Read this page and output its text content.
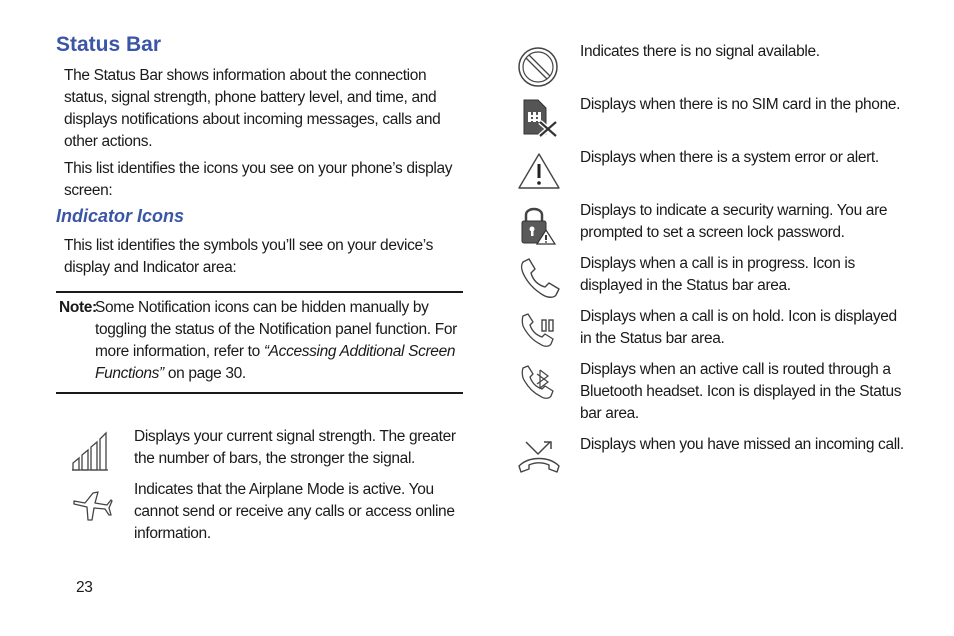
Status Bar

The Status Bar shows information about the connection status, signal strength, phone battery level, and time, and displays notifications about incoming messages, calls and other actions.

This list identifies the icons you see on your phone’s display screen:

Indicator Icons

This list identifies the symbols you’ll see on your device’s display and Indicator area:

Note:
Some Notification icons can be hidden manually by
toggling the status of the Notification panel function. For more information, refer to “Accessing Additional Screen Functions” on page 30.

Displays your current signal strength. The greater the number of bars, the stronger the signal.

Indicates that the Airplane Mode is active. You cannot send or receive any calls or access online information.

Indicates there is no signal available.

Displays when there is no SIM card in the phone.

Displays when there is a system error or alert.

Displays to indicate a security warning. You are prompted to set a screen lock password.

Displays when a call is in progress. Icon is displayed in the Status bar area.

Displays when a call is on hold. Icon is displayed in the Status bar area.

Displays when an active call is routed through a Bluetooth headset. Icon is displayed in the Status bar area.

Displays when you have missed an incoming call.

23
